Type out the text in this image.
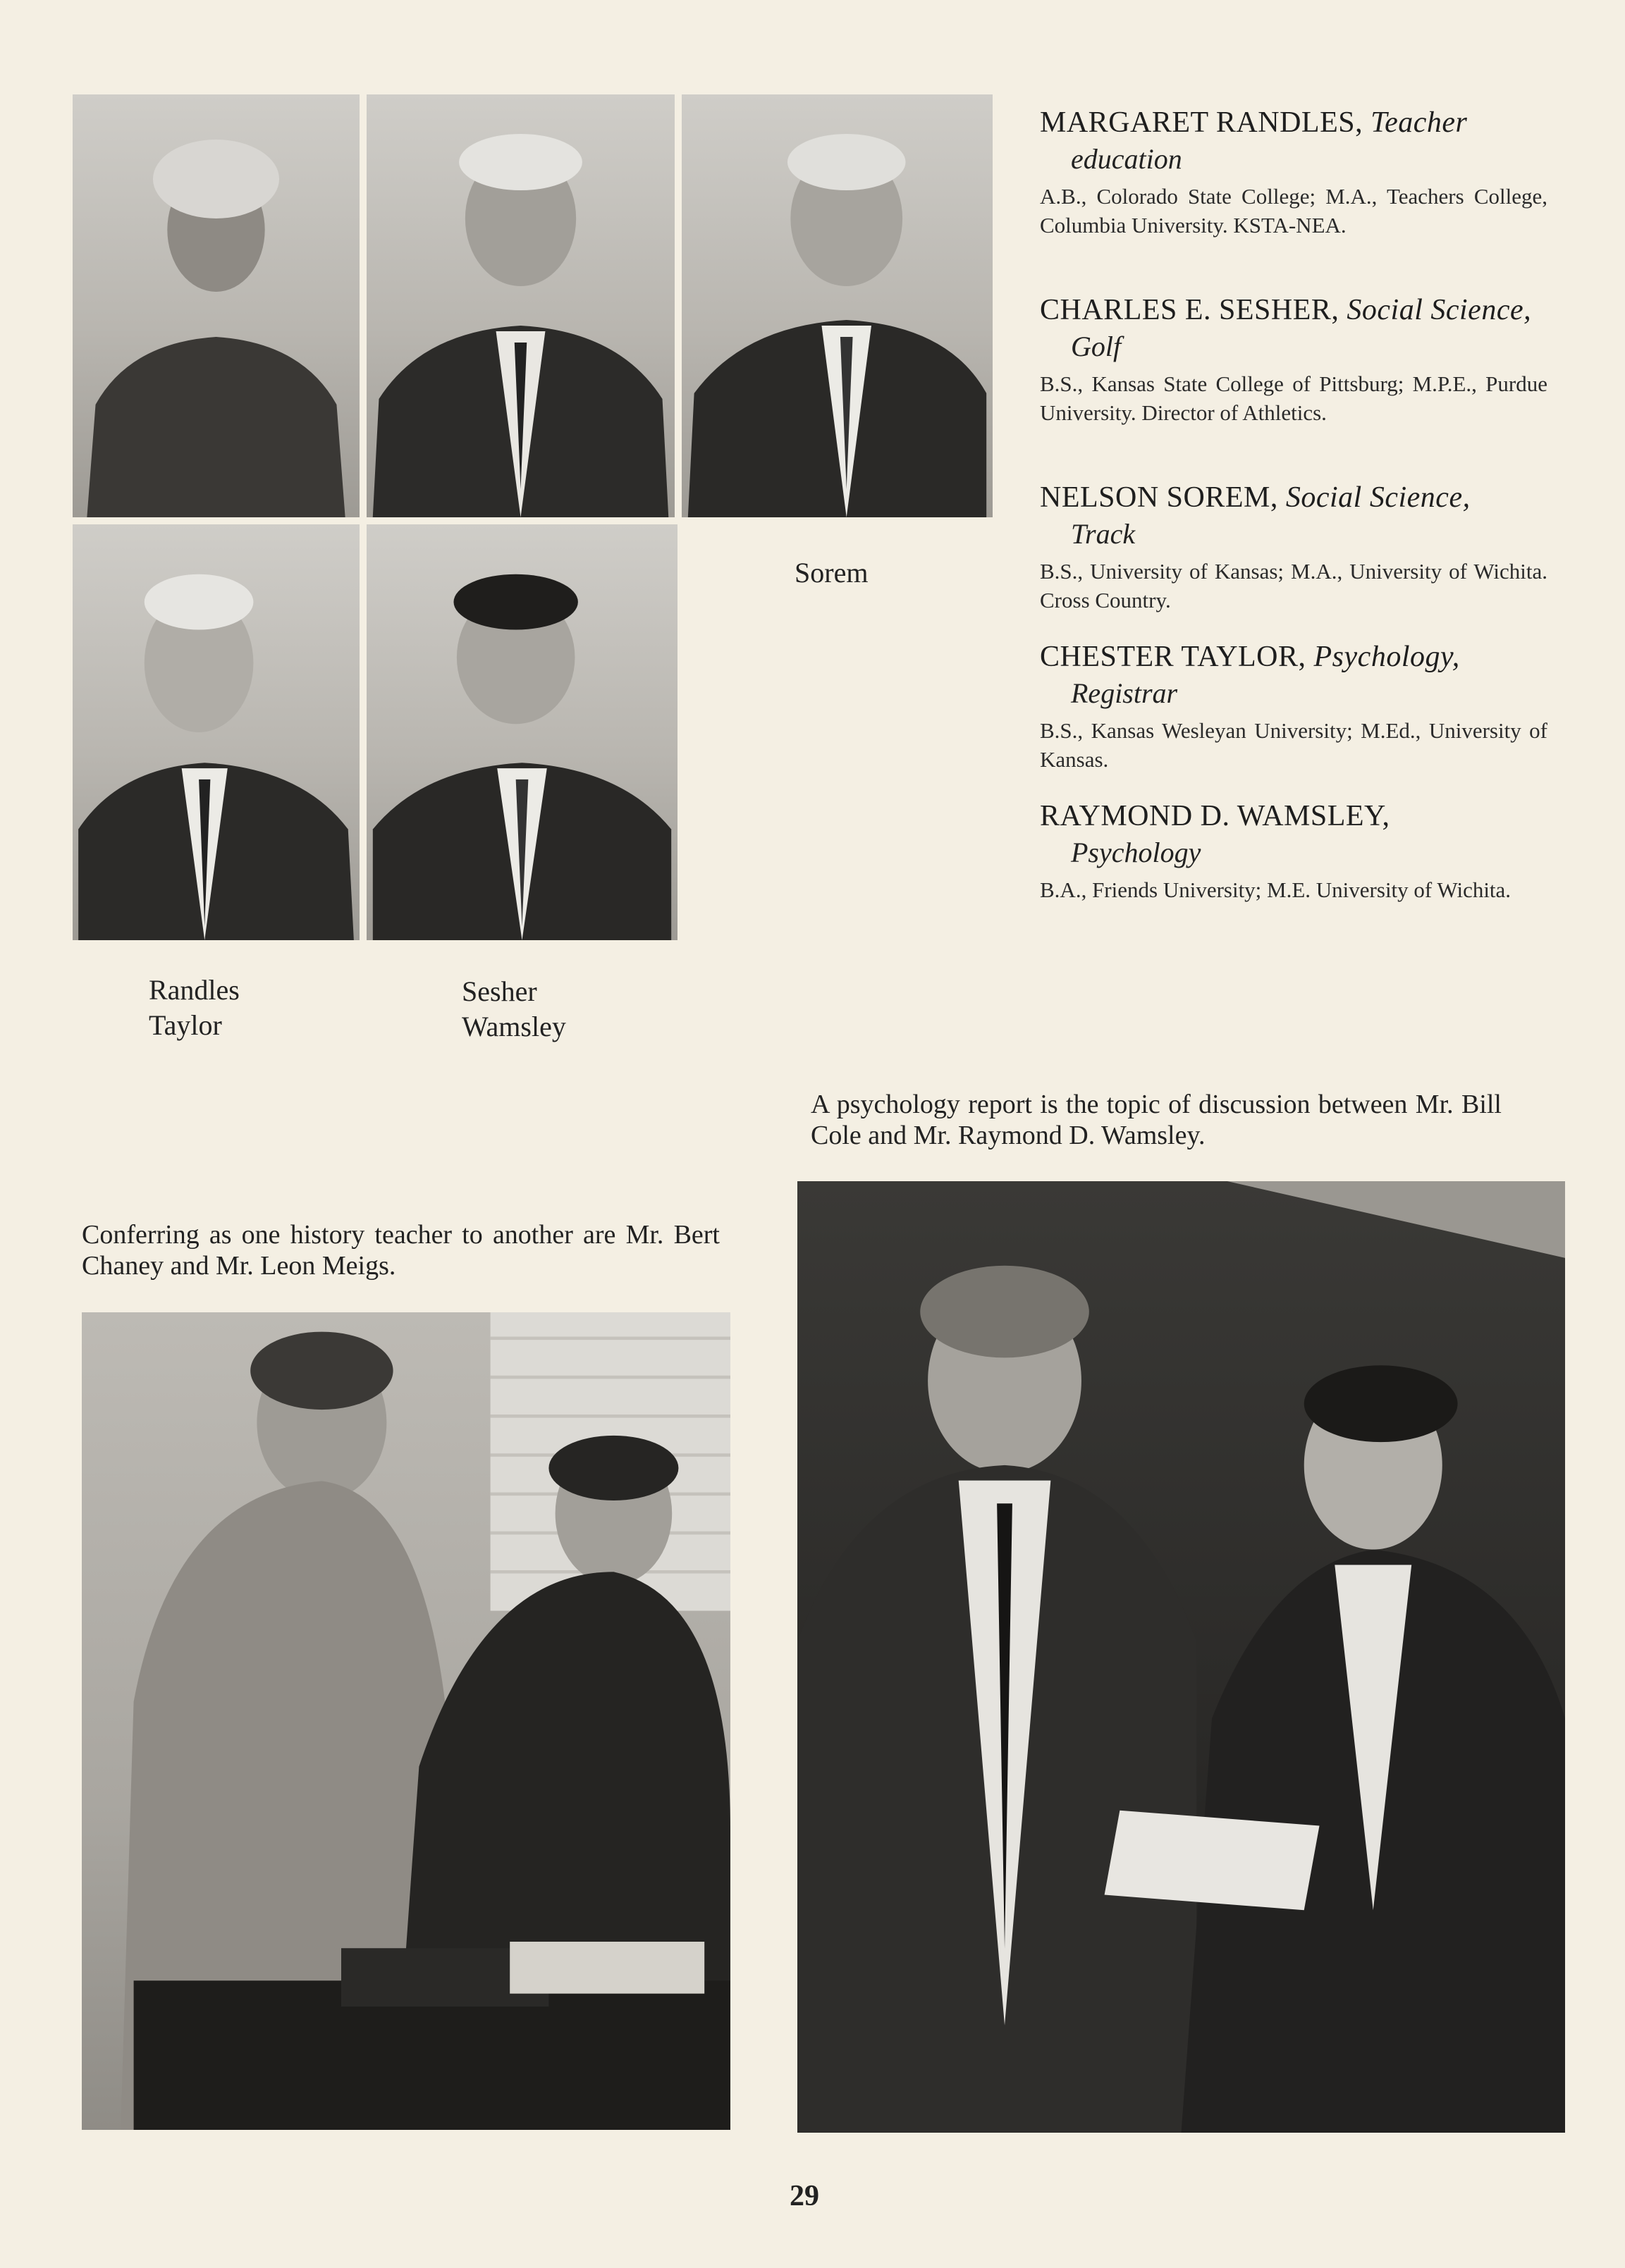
Sorem
Randles
Taylor
Sesher
Wamsley
MARGARET RANDLES, Teacher
education
A.B., Colorado State College; M.A., Teachers College, Columbia University. KSTA-NEA.
CHARLES E. SESHER, Social Science,
Golf
B.S., Kansas State College of Pittsburg; M.P.E., Purdue University. Director of Athletics.
NELSON SOREM, Social Science,
Track
B.S., University of Kansas; M.A., University of Wichita. Cross Country.
CHESTER TAYLOR, Psychology,
Registrar
B.S., Kansas Wesleyan University; M.Ed., University of Kansas.
RAYMOND D. WAMSLEY,
Psychology
B.A., Friends University; M.E. University of Wichita.
A psychology report is the topic of discussion between Mr. Bill Cole and Mr. Raymond D. Wamsley.
Conferring as one history teacher to another are Mr. Bert Chaney and Mr. Leon Meigs.
29
